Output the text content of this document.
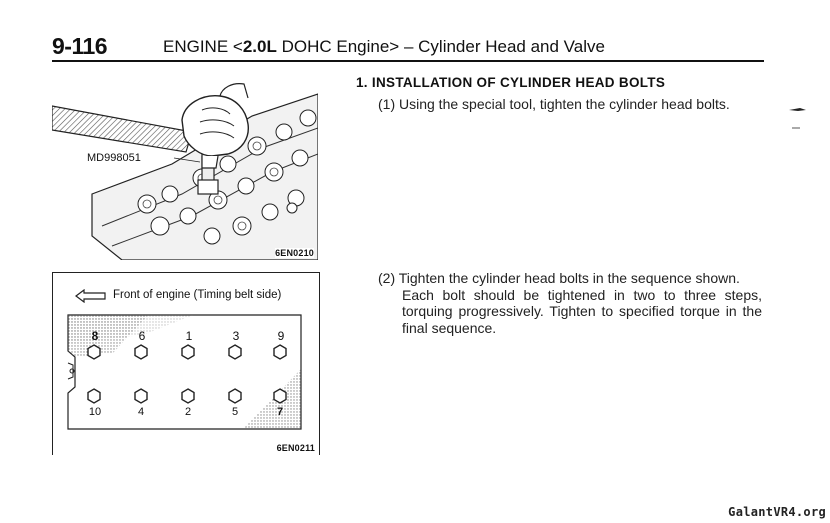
9-116	ENGINE <2.0L DOHC Engine> – Cylinder Head and Valve
MD998051
6EN0210
Front of engine (Timing belt side)
8	6	1	3	9
10	4	2	5	7
6EN0211
1. INSTALLATION OF CYLINDER HEAD BOLTS
(1) Using the special tool, tighten the cylinder head bolts.
(2) Tighten the cylinder head bolts in the sequence shown.
Each bolt should be tightened in two to three steps, torquing progressively. Tighten to specified torque in the final sequence.
GalantVR4.org
